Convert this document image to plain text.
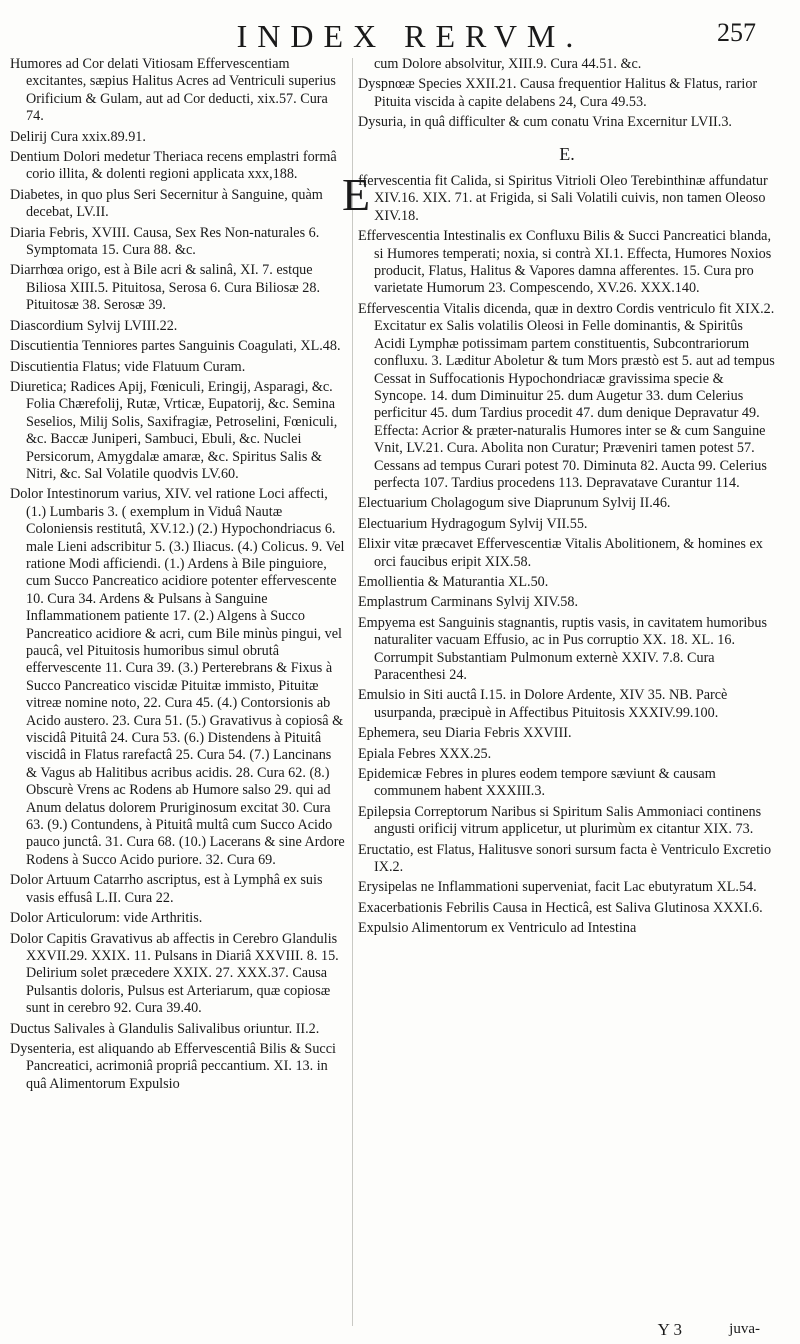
INDEX RERVM.	257

Humores ad Cor delati Vitiosam Effervescentiam excitantes, sæpius Halitus Acres ad Ventriculi superius Orificium & Gulam, aut ad Cor deducti, xix.57. Cura 74.

Delirij Cura xxix.89.91.

Dentium Dolori medetur Theriaca recens emplastri formâ corio illita, & dolenti regioni applicata xxx,188.

Diabetes, in quo plus Seri Secernitur à Sanguine, quàm decebat, LV.II.

Diaria Febris, XVIII. Causa, Sex Res Non-naturales 6. Symptomata 15. Cura 88. &c.

Diarrhœa origo, est à Bile acri & salinâ, XI. 7. estque Biliosa XIII.5. Pituitosa, Serosa 6. Cura Biliosæ 28. Pituitosæ 38. Serosæ 39.

Diascordium Sylvij LVIII.22.

Discutientia Tenniores partes Sanguinis Coagulati, XL.48.

Discutientia Flatus; vide Flatuum Curam.

Diuretica; Radices Apij, Fœniculi, Eringij, Asparagi, &c. Folia Chærefolij, Rutæ, Vrticæ, Eupatorij, &c. Semina Seselios, Milij Solis, Saxifragiæ, Petroselini, Fœniculi, &c. Baccæ Juniperi, Sambuci, Ebuli, &c. Nuclei Persicorum, Amygdalæ amaræ, &c. Spiritus Salis & Nitri, &c. Sal Volatile quodvis LV.60.

Dolor Intestinorum varius, XIV. vel ratione Loci affecti, (1.) Lumbaris 3. ( exemplum in Viduâ Nautæ Coloniensis restitutâ, XV.12.) (2.) Hypochondriacus 6. male Lieni adscribitur 5. (3.) Iliacus. (4.) Colicus. 9. Vel ratione Modi afficiendi. (1.) Ardens à Bile pinguiore, cum Succo Pancreatico acidiore potenter effervescente 10. Cura 34. Ardens & Pulsans à Sanguine Inflammationem patiente 17. (2.) Algens à Succo Pancreatico acidiore & acri, cum Bile minùs pingui, vel paucâ, vel Pituitosis humoribus simul obrutâ effervescente 11. Cura 39. (3.) Perterebrans & Fixus à Succo Pancreatico viscidæ Pituitæ immisto, Pituitæ vitreæ nomine noto, 22. Cura 45. (4.) Contorsionis ab Acido austero. 23. Cura 51. (5.) Gravativus à copiosâ & viscidâ Pituitâ 24. Cura 53. (6.) Distendens à Pituitâ viscidâ in Flatus rarefactâ 25. Cura 54. (7.) Lancinans & Vagus ab Halitibus acribus acidis. 28. Cura 62. (8.) Obscurè Vrens ac Rodens ab Humore salso 29. qui ad Anum delatus dolorem Pruriginosum excitat 30. Cura 63. (9.) Contundens, à Pituitâ multâ cum Succo Acido pauco junctâ. 31. Cura 68. (10.) Lacerans & sine Ardore Rodens à Succo Acido puriore. 32. Cura 69.

Dolor Artuum Catarrho ascriptus, est à Lymphâ ex suis vasis effusâ L.II. Cura 22.

Dolor Articulorum: vide Arthritis.

Dolor Capitis Gravativus ab affectis in Cerebro Glandulis XXVII.29. XXIX. 11. Pulsans in Diariâ XXVIII. 8. 15. Delirium solet præcedere XXIX. 27. XXX.37. Causa Pulsantis doloris, Pulsus est Arteriarum, quæ copiosæ sunt in cerebro 92. Cura 39.40.

Ductus Salivales à Glandulis Salivalibus oriuntur. II.2.

Dysenteria, est aliquando ab Effervescentiâ Bilis & Succi Pancreatici, acrimoniâ propriâ peccantium. XI. 13. in quâ Alimentorum Expulsio

cum Dolore absolvitur, XIII.9. Cura 44.51. &c.

Dyspnœæ Species XXII.21. Causa frequentior Halitus & Flatus, rarior Pituita viscida à capite delabens 24, Cura 49.53.

Dysuria, in quâ difficulter & cum conatu Vrina Excernitur LVII.3.

E.

E
ffervescentia fit Calida, si Spiritus Vitrioli Oleo Terebinthinæ affundatur XIV.16. XIX. 71. at Frigida, si Sali Volatili cuivis, non tamen Oleoso XIV.18.

Effervescentia Intestinalis ex Confluxu Bilis & Succi Pancreatici blanda, si Humores temperati; noxia, si contrà XI.1. Effecta, Humores Noxios producit, Flatus, Halitus & Vapores damna afferentes. 15. Cura pro varietate Humorum 23. Compescendo, XV.26. XXX.140.

Effervescentia Vitalis dicenda, quæ in dextro Cordis ventriculo fit XIX.2. Excitatur ex Salis volatilis Oleosi in Felle dominantis, & Spiritûs Acidi Lymphæ potissimam partem constituentis, Subcontrariorum confluxu. 3. Læditur Aboletur & tum Mors præstò est 5. aut ad tempus Cessat in Suffocationis Hypochondriacæ gravissima specie & Syncope. 14. dum Diminuitur 25. dum Augetur 33. dum Celerius perficitur 45. dum Tardius procedit 47. dum denique Depravatur 49. Effecta: Acrior & præter-naturalis Humores inter se & cum Sanguine Vnit, LV.21. Cura. Abolita non Curatur; Præveniri tamen potest 57. Cessans ad tempus Curari potest 70. Diminuta 82. Aucta 99. Celerius perfecta 107. Tardius procedens 113. Depravatave Curantur 114.

Electuarium Cholagogum sive Diaprunum Sylvij II.46.

Electuarium Hydragogum Sylvij VII.55.

Elixir vitæ præcavet Effervescentiæ Vitalis Abolitionem, & homines ex orci faucibus eripit XIX.58.

Emollientia & Maturantia XL.50.

Emplastrum Carminans Sylvij XIV.58.

Empyema est Sanguinis stagnantis, ruptis vasis, in cavitatem humoribus naturaliter vacuam Effusio, ac in Pus corruptio XX. 18. XL. 16. Corrumpit Substantiam Pulmonum externè XXIV. 7.8. Cura Paracenthesi 24.

Emulsio in Siti auctâ I.15. in Dolore Ardente, XIV 35. NB. Parcè usurpanda, præcipuè in Affectibus Pituitosis XXXIV.99.100.

Ephemera, seu Diaria Febris XXVIII.

Epiala Febres XXX.25.

Epidemicæ Febres in plures eodem tempore sæviunt & causam communem habent XXXIII.3.

Epilepsia Correptorum Naribus si Spiritum Salis Ammoniaci continens angusti orificij vitrum applicetur, ut plurimùm ex citantur XIX. 73.

Eructatio, est Flatus, Halitusve sonori sursum facta è Ventriculo Excretio IX.2.

Erysipelas ne Inflammationi superveniat, facit Lac ebutyratum XL.54.

Exacerbationis Febrilis Causa in Hecticâ, est Saliva Glutinosa XXXI.6.

Expulsio Alimentorum ex Ventriculo ad Intestina

Y 3	juva-
